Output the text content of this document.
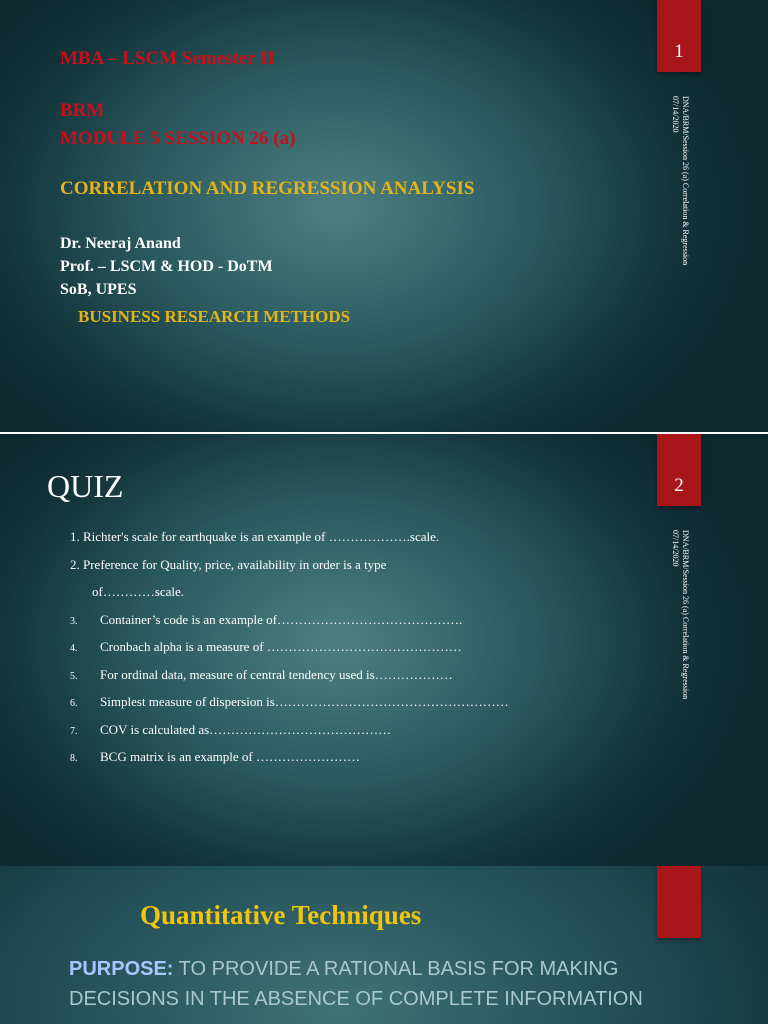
1
DNA/BRM/Session 26 (a) Correlation & Regression
07/14/2020
MBA – LSCM Semester II
BRM
MODULE 5 SESSION 26 (a)
CORRELATION AND REGRESSION ANALYSIS
Dr. Neeraj Anand
Prof. – LSCM & HOD - DoTM
SoB, UPES
BUSINESS RESEARCH METHODS
2
DNA/BRM/Session 26 (a) Correlation & Regression
07/14/2020
QUIZ
1. Richter's scale for earthquake is an example of ……………….scale.
2. Preference for Quality, price, availability in order is a type
of…………scale.
3. Container’s code is an example of…………………………………….
4. Cronbach alpha is a measure of ………………………………………
5. For ordinal data, measure of central tendency used is………………
6. Simplest measure of dispersion is………………………………………………
7. COV is calculated as……………………………………
8. BCG matrix is an example of ……………………
Quantitative Techniques
PURPOSE: TO PROVIDE A RATIONAL BASIS FOR MAKING DECISIONS IN THE ABSENCE OF COMPLETE INFORMATION
